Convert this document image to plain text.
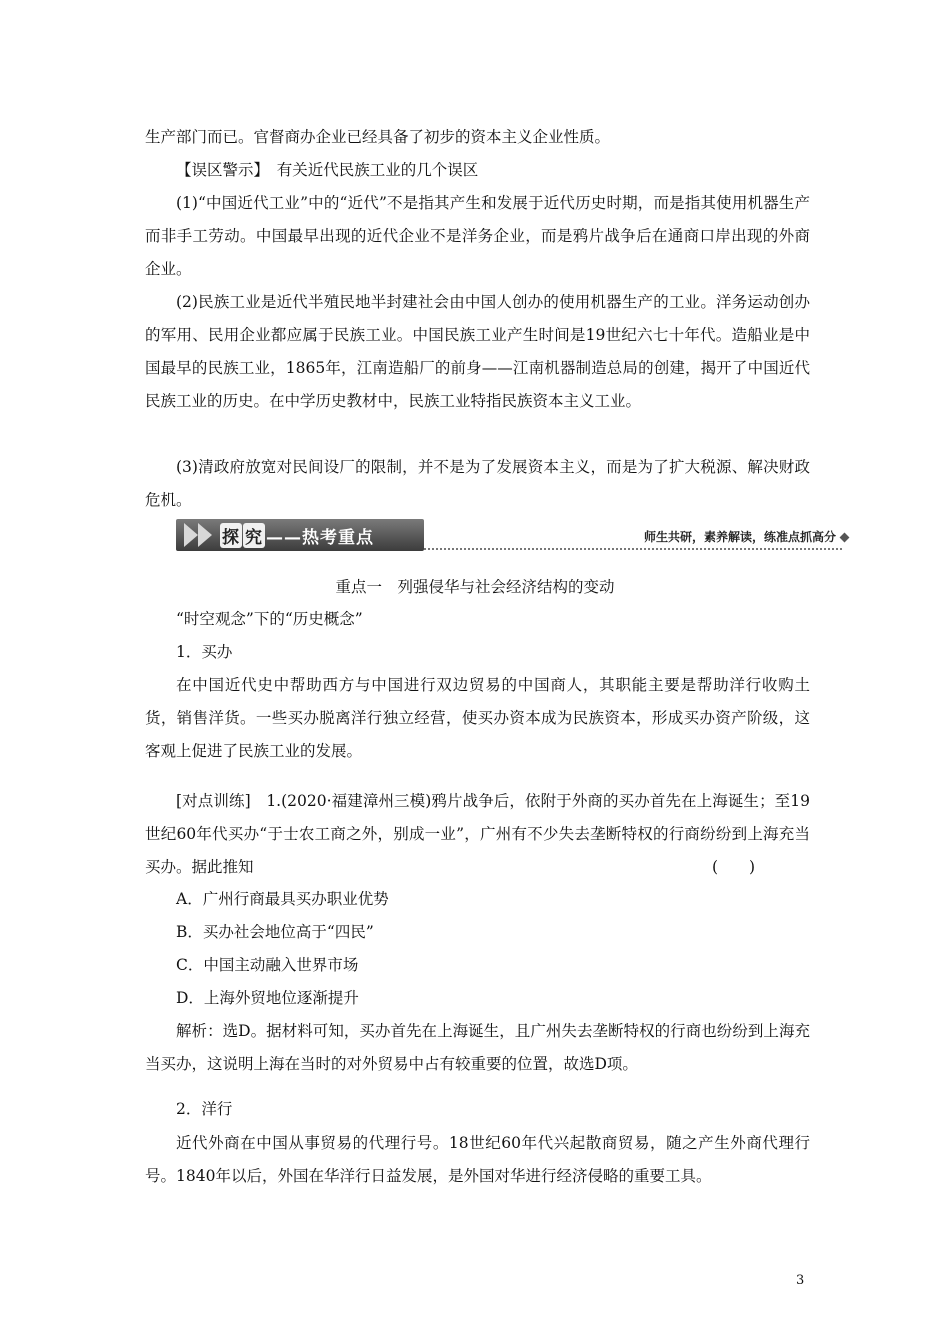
生产部门而已。官督商办企业已经具备了初步的资本主义企业性质。

【误区警示】　有关近代民族工业的几个误区

(1)“中国近代工业”中的“近代”不是指其产生和发展于近代历史时期，而是指其使用机器生产而非手工劳动。中国最早出现的近代企业不是洋务企业，而是鸦片战争后在通商口岸出现的外商企业。

(2)民族工业是近代半殖民地半封建社会由中国人创办的使用机器生产的工业。洋务运动创办的军用、民用企业都应属于民族工业。中国民族工业产生时间是19世纪六七十年代。造船业是中国最早的民族工业，1865年，江南造船厂的前身——江南机器制造总局的创建，揭开了中国近代民族工业的历史。在中学历史教材中，民族工业特指民族资本主义工业。

(3)清政府放宽对民间设厂的限制，并不是为了发展资本主义，而是为了扩大税源、解决财政危机。

探 究 ——热考重点	师生共研，素养解读，练准点抓高分
重点一　列强侵华与社会经济结构的变动
“时空观念”下的“历史概念”
1．买办

在中国近代史中帮助西方与中国进行双边贸易的中国商人，其职能主要是帮助洋行收购土货，销售洋货。一些买办脱离洋行独立经营，使买办资本成为民族资本，形成买办资产阶级，这客观上促进了民族工业的发展。

[对点训练]　1.(2020·福建漳州三模)鸦片战争后，依附于外商的买办首先在上海诞生；至19世纪60年代买办“于士农工商之外，别成一业”，广州有不少失去垄断特权的行商纷纷到上海充当买办。据此推知	(　　)
A．广州行商最具买办职业优势
B．买办社会地位高于“四民”
C．中国主动融入世界市场
D．上海外贸地位逐渐提升

解析：选D。据材料可知，买办首先在上海诞生，且广州失去垄断特权的行商也纷纷到上海充当买办，这说明上海在当时的对外贸易中占有较重要的位置，故选D项。

2．洋行

近代外商在中国从事贸易的代理行号。18世纪60年代兴起散商贸易，随之产生外商代理行号。1840年以后，外国在华洋行日益发展，是外国对华进行经济侵略的重要工具。

3
